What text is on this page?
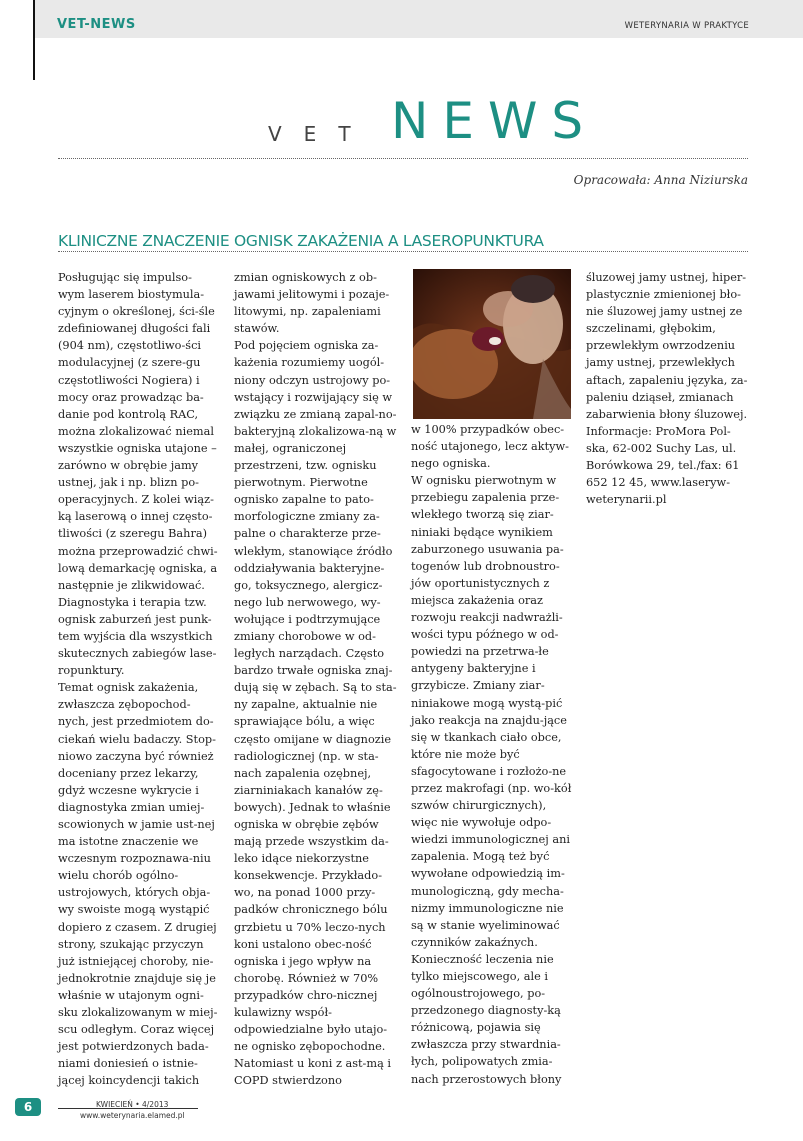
VET-NEWS	WETERYNARIA W PRAKTYCE
VET NEWS
Opracowała: Anna Niziurska
KLINICZNE ZNACZENIE OGNISK ZAKAŻENIA A LASEROPUNKTURA

Posługując się impulso-wym laserem biostymula-cyjnym o określonej, ści-śle zdefiniowanej długości fali (904 nm), częstotliwo-ści modulacyjnej (z szere-gu częstotliwości Nogiera) i mocy oraz prowadząc ba-danie pod kontrolą RAC, można zlokalizować niemal wszystkie ogniska utajone – zarówno w obrębie jamy ustnej, jak i np. blizn po-operacyjnych. Z kolei wiąz-ką laserową o innej często-tliwości (z szeregu Bahra) można przeprowadzić chwi-lową demarkację ogniska, a następnie je zlikwidować. Diagnostyka i terapia tzw. ognisk zaburzeń jest punk-tem wyjścia dla wszystkich skutecznych zabiegów lase-ropunktury.

Temat ognisk zakażenia, zwłaszcza zębopochod-nych, jest przedmiotem do-ciekań wielu badaczy. Stop-niowo zaczyna być również doceniany przez lekarzy, gdyż wczesne wykrycie i diagnostyka zmian umiej-scowionych w jamie ust-nej ma istotne znaczenie we wczesnym rozpoznawa-niu wielu chorób ogólno-ustrojowych, których obja-wy swoiste mogą wystąpić dopiero z czasem. Z drugiej strony, szukając przyczyn już istniejącej choroby, nie-jednokrotnie znajduje się je właśnie w utajonym ogni-sku zlokalizowanym w miej-scu odległym. Coraz więcej jest potwierdzonych bada-niami doniesień o istnie-jącej koincydencji takich

zmian ogniskowych z ob-jawami jelitowymi i pozaje-litowymi, np. zapaleniami stawów.

Pod pojęciem ogniska za-każenia rozumiemy uogól-niony odczyn ustrojowy po-wstający i rozwijający się w związku ze zmianą zapal-no-bakteryjną zlokalizowa-ną w małej, ograniczonej przestrzeni, tzw. ognisku pierwotnym. Pierwotne ognisko zapalne to pato-morfologiczne zmiany za-palne o charakterze prze-wlekłym, stanowiące źródło oddziaływania bakteryjne-go, toksycznego, alergicz-nego lub nerwowego, wy-wołujące i podtrzymujące zmiany chorobowe w od-ległych narządach. Często bardzo trwałe ogniska znaj-dują się w zębach. Są to sta-ny zapalne, aktualnie nie sprawiające bólu, a więc często omijane w diagnozie radiologicznej (np. w sta-nach zapalenia ozębnej, ziarniniakach kanałów zę-bowych). Jednak to właśnie ogniska w obrębie zębów mają przede wszystkim da-leko idące niekorzystne konsekwencje. Przykłado-wo, na ponad 1000 przy-padków chronicznego bólu grzbietu u 70% leczo-nych koni ustalono obec-ność ogniska i jego wpływ na chorobę. Również w 70% przypadków chro-nicznej kulawizny współ-odpowiedzialne było utajo-ne ognisko zębopochodne. Natomiast u koni z ast-mą i COPD stwierdzono

w 100% przypadków obec-ność utajonego, lecz aktyw-nego ogniska.

W ognisku pierwotnym w przebiegu zapalenia prze-wlekłego tworzą się ziar-niniaki będące wynikiem zaburzonego usuwania pa-togenów lub drobnoustro-jów oportunistycznych z miejsca zakażenia oraz rozwoju reakcji nadwrażli-wości typu późnego w od-powiedzi na przetrwa-łe antygeny bakteryjne i grzybicze. Zmiany ziar-niniakowe mogą wystą-pić jako reakcja na znajdu-jące się w tkankach ciało obce, które nie może być sfagocytowane i rozłożo-ne przez makrofagi (np. wo-kół szwów chirurgicznych), więc nie wywołuje odpo-wiedzi immunologicznej ani zapalenia. Mogą też być wywołane odpowiedzią im-munologiczną, gdy mecha-nizmy immunologiczne nie są w stanie wyeliminować czynników zakaźnych. Konieczność leczenia nie tylko miejscowego, ale i ogólnoustrojowego, po-przedzonego diagnosty-ką różnicową, pojawia się zwłaszcza przy stwardnia-łych, polipowatych zmia-nach przerostowych błony

śluzowej jamy ustnej, hiper-plastycznie zmienionej bło-nie śluzowej jamy ustnej ze szczelinami, głębokim, przewlekłym owrzodzeniu jamy ustnej, przewlekłych aftach, zapaleniu języka, za-paleniu dziąseł, zmianach zabarwienia błony śluzowej.

Informacje: ProMora Pol-ska, 62-002 Suchy Las, ul. Borówkowa 29, tel./fax: 61 652 12 45, www.laseryw-weterynarii.pl

6	KWIECIEŃ • 4/2013
www.weterynaria.elamed.pl
